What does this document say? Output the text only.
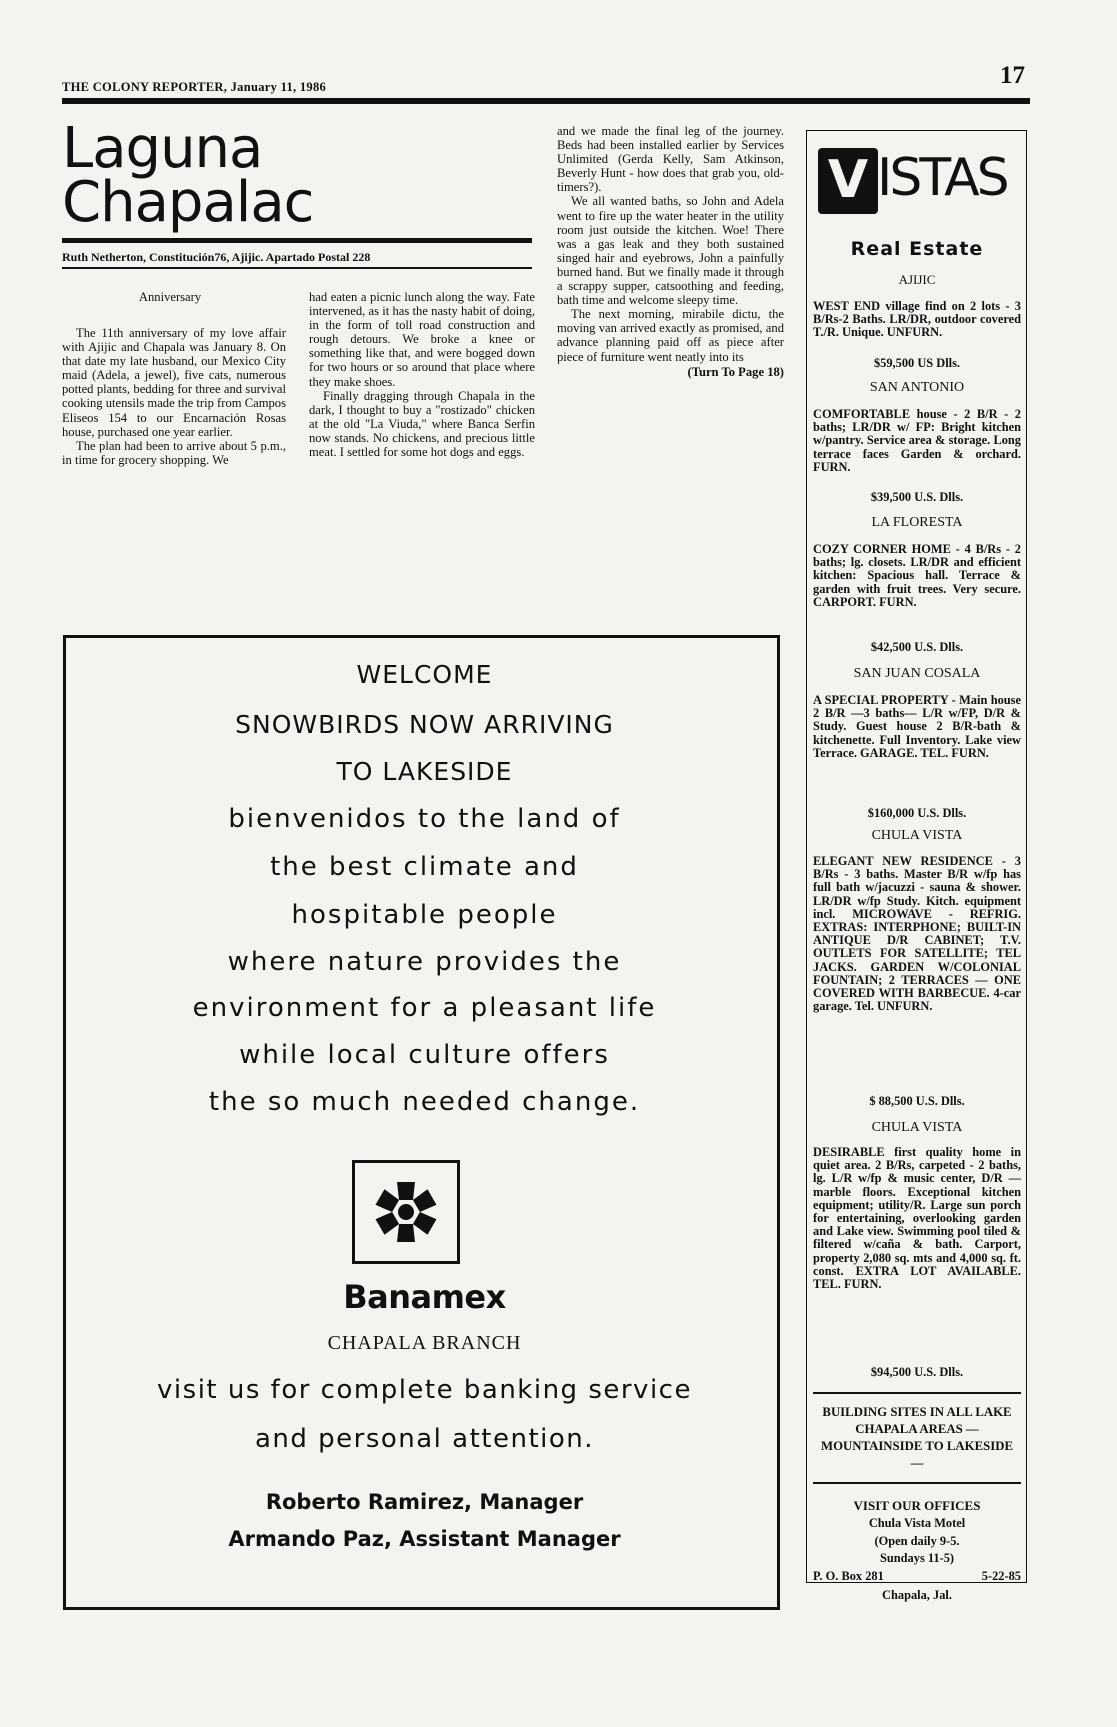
THE COLONY REPORTER, January 11, 1986	17
Laguna
Chapalac
Ruth Netherton, Constitución76, Ajijic. Apartado Postal 228
Anniversary

The 11th anniversary of my love affair with Ajijic and Chapala was January 8. On that date my late husband, our Mexico City maid (Adela, a jewel), five cats, numerous potted plants, bedding for three and survival cooking utensils made the trip from Campos Eliseos 154 to our Encarnación Rosas house, purchased one year earlier.

The plan had been to arrive about 5 p.m., in time for grocery shopping. We

had eaten a picnic lunch along the way. Fate intervened, as it has the nasty habit of doing, in the form of toll road construction and rough detours. We broke a knee or something like that, and were bogged down for two hours or so around that place where they make shoes.

Finally dragging through Chapala in the dark, I thought to buy a "rostizado" chicken at the old "La Viuda," where Banca Serfin now stands. No chickens, and precious little meat. I settled for some hot dogs and eggs.

and we made the final leg of the journey. Beds had been installed earlier by Services Unlimited (Gerda Kelly, Sam Atkinson, Beverly Hunt - how does that grab you, old-timers?).

We all wanted baths, so John and Adela went to fire up the water heater in the utility room just outside the kitchen. Woe! There was a gas leak and they both sustained singed hair and eyebrows, John a painfully burned hand. But we finally made it through a scrappy supper, catsoothing and feeding, bath time and welcome sleepy time.

The next morning, mirabile dictu, the moving van arrived exactly as promised, and advance planning paid off as piece after piece of furniture went neatly into its

(Turn To Page 18)
WELCOME
SNOWBIRDS NOW ARRIVING
TO LAKESIDE
bienvenidos to the land of
the best climate and
hospitable people
where nature provides the
environment for a pleasant life
while local culture offers
the so much needed change.
Banamex
CHAPALA BRANCH
visit us for complete banking service
and personal attention.
Roberto Ramirez, Manager
Armando Paz, Assistant Manager
V ISTAS
Real Estate
AJIJIC
WEST END village find on 2 lots - 3 B/Rs-2 Baths. LR/DR, outdoor covered T./R. Unique. UNFURN.
$59,500 US Dlls.
SAN ANTONIO
COMFORTABLE house - 2 B/R - 2 baths; LR/DR w/ FP: Bright kitchen w/pantry. Service area & storage. Long terrace faces Garden & orchard. FURN.
$39,500 U.S. Dlls.
LA FLORESTA
COZY CORNER HOME - 4 B/Rs - 2 baths; lg. closets. LR/DR and efficient kitchen: Spacious hall. Terrace & garden with fruit trees. Very secure. CARPORT. FURN.
$42,500 U.S. Dlls.
SAN JUAN COSALA
A SPECIAL PROPERTY - Main house 2 B/R —3 baths— L/R w/FP, D/R & Study. Guest house 2 B/R-bath & kitchenette. Full Inventory. Lake view Terrace. GARAGE. TEL. FURN.
$160,000 U.S. Dlls.
CHULA VISTA
ELEGANT NEW RESIDENCE - 3 B/Rs - 3 baths. Master B/R w/fp has full bath w/jacuzzi - sauna & shower. LR/DR w/fp Study. Kitch. equipment incl. MICROWAVE - REFRIG. EXTRAS: INTERPHONE; BUILT-IN ANTIQUE D/R CABINET; T.V. OUTLETS FOR SATELLITE; TEL JACKS. GARDEN W/COLONIAL FOUNTAIN; 2 TERRACES — ONE COVERED WITH BARBECUE. 4-car garage. Tel. UNFURN.
$ 88,500 U.S. Dlls.
CHULA VISTA
DESIRABLE first quality home in quiet area. 2 B/Rs, carpeted - 2 baths, lg. L/R w/fp & music center, D/R — marble floors. Exceptional kitchen equipment; utility/R. Large sun porch for entertaining, overlooking garden and Lake view. Swimming pool tiled & filtered w/caña & bath. Carport, property 2,080 sq. mts and 4,000 sq. ft. const. EXTRA LOT AVAILABLE. TEL. FURN.
$94,500 U.S. Dlls.
BUILDING SITES IN ALL LAKE CHAPALA AREAS — MOUNTAINSIDE TO LAKESIDE —
VISIT OUR OFFICES
Chula Vista Motel
(Open daily 9-5.
Sundays 11-5)
P. O. Box 281	5-22-85
Chapala, Jal.
